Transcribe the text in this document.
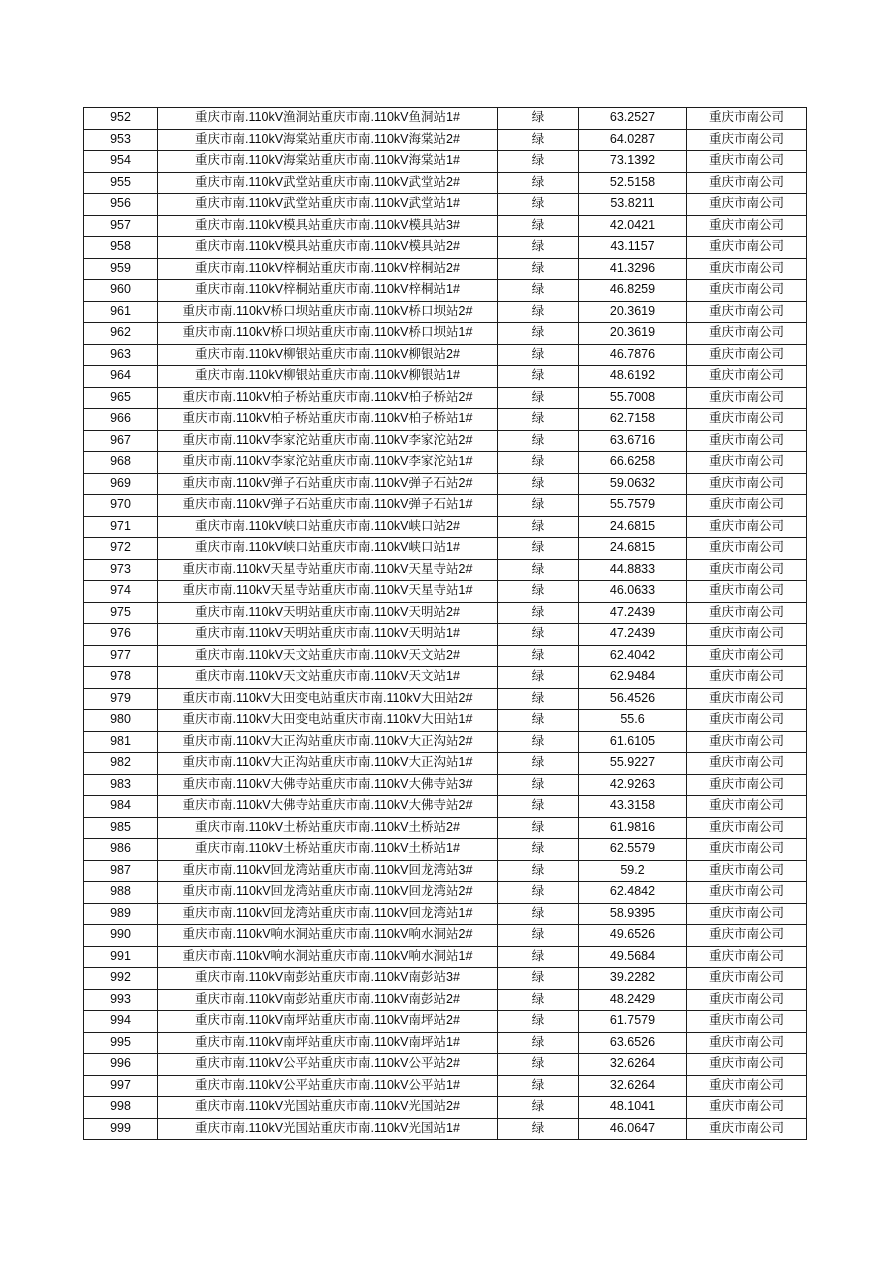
952	重庆市南.110kV渔洞站重庆市南.110kV鱼洞站1#	绿	63.2527	重庆市南公司
953	重庆市南.110kV海棠站重庆市南.110kV海棠站2#	绿	64.0287	重庆市南公司
954	重庆市南.110kV海棠站重庆市南.110kV海棠站1#	绿	73.1392	重庆市南公司
955	重庆市南.110kV武堂站重庆市南.110kV武堂站2#	绿	52.5158	重庆市南公司
956	重庆市南.110kV武堂站重庆市南.110kV武堂站1#	绿	53.8211	重庆市南公司
957	重庆市南.110kV模具站重庆市南.110kV模具站3#	绿	42.0421	重庆市南公司
958	重庆市南.110kV模具站重庆市南.110kV模具站2#	绿	43.1157	重庆市南公司
959	重庆市南.110kV梓桐站重庆市南.110kV梓桐站2#	绿	41.3296	重庆市南公司
960	重庆市南.110kV梓桐站重庆市南.110kV梓桐站1#	绿	46.8259	重庆市南公司
961	重庆市南.110kV桥口坝站重庆市南.110kV桥口坝站2#	绿	20.3619	重庆市南公司
962	重庆市南.110kV桥口坝站重庆市南.110kV桥口坝站1#	绿	20.3619	重庆市南公司
963	重庆市南.110kV柳银站重庆市南.110kV柳银站2#	绿	46.7876	重庆市南公司
964	重庆市南.110kV柳银站重庆市南.110kV柳银站1#	绿	48.6192	重庆市南公司
965	重庆市南.110kV柏子桥站重庆市南.110kV柏子桥站2#	绿	55.7008	重庆市南公司
966	重庆市南.110kV柏子桥站重庆市南.110kV柏子桥站1#	绿	62.7158	重庆市南公司
967	重庆市南.110kV李家沱站重庆市南.110kV李家沱站2#	绿	63.6716	重庆市南公司
968	重庆市南.110kV李家沱站重庆市南.110kV李家沱站1#	绿	66.6258	重庆市南公司
969	重庆市南.110kV弹子石站重庆市南.110kV弹子石站2#	绿	59.0632	重庆市南公司
970	重庆市南.110kV弹子石站重庆市南.110kV弹子石站1#	绿	55.7579	重庆市南公司
971	重庆市南.110kV峡口站重庆市南.110kV峡口站2#	绿	24.6815	重庆市南公司
972	重庆市南.110kV峡口站重庆市南.110kV峡口站1#	绿	24.6815	重庆市南公司
973	重庆市南.110kV天星寺站重庆市南.110kV天星寺站2#	绿	44.8833	重庆市南公司
974	重庆市南.110kV天星寺站重庆市南.110kV天星寺站1#	绿	46.0633	重庆市南公司
975	重庆市南.110kV天明站重庆市南.110kV天明站2#	绿	47.2439	重庆市南公司
976	重庆市南.110kV天明站重庆市南.110kV天明站1#	绿	47.2439	重庆市南公司
977	重庆市南.110kV天文站重庆市南.110kV天文站2#	绿	62.4042	重庆市南公司
978	重庆市南.110kV天文站重庆市南.110kV天文站1#	绿	62.9484	重庆市南公司
979	重庆市南.110kV大田变电站重庆市南.110kV大田站2#	绿	56.4526	重庆市南公司
980	重庆市南.110kV大田变电站重庆市南.110kV大田站1#	绿	55.6	重庆市南公司
981	重庆市南.110kV大正沟站重庆市南.110kV大正沟站2#	绿	61.6105	重庆市南公司
982	重庆市南.110kV大正沟站重庆市南.110kV大正沟站1#	绿	55.9227	重庆市南公司
983	重庆市南.110kV大佛寺站重庆市南.110kV大佛寺站3#	绿	42.9263	重庆市南公司
984	重庆市南.110kV大佛寺站重庆市南.110kV大佛寺站2#	绿	43.3158	重庆市南公司
985	重庆市南.110kV土桥站重庆市南.110kV土桥站2#	绿	61.9816	重庆市南公司
986	重庆市南.110kV土桥站重庆市南.110kV土桥站1#	绿	62.5579	重庆市南公司
987	重庆市南.110kV回龙湾站重庆市南.110kV回龙湾站3#	绿	59.2	重庆市南公司
988	重庆市南.110kV回龙湾站重庆市南.110kV回龙湾站2#	绿	62.4842	重庆市南公司
989	重庆市南.110kV回龙湾站重庆市南.110kV回龙湾站1#	绿	58.9395	重庆市南公司
990	重庆市南.110kV响水洞站重庆市南.110kV响水洞站2#	绿	49.6526	重庆市南公司
991	重庆市南.110kV响水洞站重庆市南.110kV响水洞站1#	绿	49.5684	重庆市南公司
992	重庆市南.110kV南彭站重庆市南.110kV南彭站3#	绿	39.2282	重庆市南公司
993	重庆市南.110kV南彭站重庆市南.110kV南彭站2#	绿	48.2429	重庆市南公司
994	重庆市南.110kV南坪站重庆市南.110kV南坪站2#	绿	61.7579	重庆市南公司
995	重庆市南.110kV南坪站重庆市南.110kV南坪站1#	绿	63.6526	重庆市南公司
996	重庆市南.110kV公平站重庆市南.110kV公平站2#	绿	32.6264	重庆市南公司
997	重庆市南.110kV公平站重庆市南.110kV公平站1#	绿	32.6264	重庆市南公司
998	重庆市南.110kV光国站重庆市南.110kV光国站2#	绿	48.1041	重庆市南公司
999	重庆市南.110kV光国站重庆市南.110kV光国站1#	绿	46.0647	重庆市南公司
